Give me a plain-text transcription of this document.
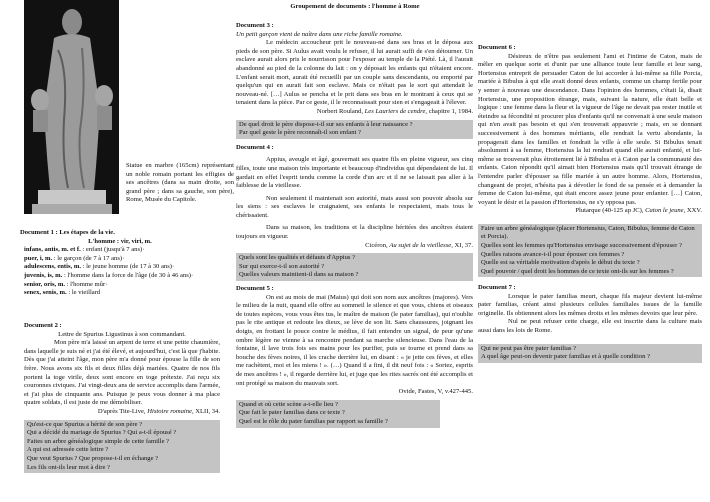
Groupement de documents : l'homme à Rome

Statue en marbre (165cm) représentant un noble romain portant les effigies de ses ancêtres (dans sa main droite, son grand père ; dans sa gauche, son père), Rome, Musée du Capitole.

Document 1 : Les étapes de la vie.
L'homme : vir, viri, m.
infans, antis, m. et f. : enfant (jusqu'à 7 ans)·
puer, i, m. : le garçon (de 7 à 17 ans)·
adulescens, entis, m. : le jeune homme (de 17 à 30 ans)·
juvenis, is, m. : l'homme dans la force de l'âge (de 30 à 46 ans)·
senior, oris, m. : l'homme mûr·
senex, senis, m. : le vieillard
Document 2 :
Lettre de Spurius Ligustinus à son commandant.

Mon père m'a laissé un arpent de terre et une petite chaumière, dans laquelle je suis né et j'ai été élevé, et aujourd'hui, c'est là que j'habite. Dès que j'ai atteint l'âge, mon père m'a donné pour épouse la fille de son frère. Nous avons six fils et deux filles déjà mariées. Quatre de nos fils portent la toge virile, deux sont encore en toge prétexte. J'ai reçu six couronnes civiques. J'ai vingt-deux ans de service accomplis dans l'armée, et j'ai plus de cinquante ans. Puisque je peux vous donner à ma place quatre soldats, il est juste de me démobiliser.

D'après Tite-Live, Histoire romaine, XLII, 34.
Qu'est-ce que Spurius a hérité de son père ?
Qui a décidé du mariage de Spurius ? Qui a-t-il épousé ?
Faites un arbre généalogique simple de cette famille ?
A qui est adressée cette lettre ?
Que veut Spurius ? Que propose-t-il en échange ?
Les fils ont-ils leur mot à dire ?
Document 3 :
Un petit garçon vient de naître dans une riche famille romaine.

Le médecin accoucheur prit le nouveau-né dans ses bras et le déposa aux pieds de son père. Si Aulus avait voulu le refuser, il lui aurait suffi de s'en détourner. Un esclave aurait alors pris le nourrisson pour l'exposer au temple de la Piété. Là, il l'aurait abandonné au pied de la colonne du lait : on y déposait les enfants qui n'étaient encore. L'enfant serait mort, aurait été recueilli par un couple sans descendants, ou emporté par quelqu'un qui en aurait fait son esclave. Mais ce n'était pas le sort qui attendait le nouveau-né. […] Aulus se pencha et le prit dans ses bras en le montrant à ceux qui se tenaient dans la pièce. Par ce geste, il le reconnaissait pour sien et s'engageait à l'élever.

Norbert Rouland, Les Lauriers de cendre, chapitre 1, 1984.
De quel droit le père dispose-t-il sur ses enfants à leur naissance ?
Par quel geste le père reconnaît-il son enfant ?
Document 4 :

Appius, aveugle et âgé, gouvernait ses quatre fils en pleine vigueur, ses cinq filles, toute une maison très importante et beaucoup d'individus qui dépendaient de lui. Il gardait en effet l'esprit tendu comme la corde d'un arc et il ne se laissait pas aller à la faiblesse de la vieillesse.

Non seulement il maintenait son autorité, mais aussi son pouvoir absolu sur les siens : ses esclaves le craignaient, ses enfants le respectaient, mais tous le chérissaient.

Dans sa maison, les traditions et la discipline héritées des ancêtres étaient toujours en vigueur.

Cicéron, Au sujet de la vieillesse, XI, 37.
Quels sont les qualités et défauts d'Appius ?
Sur qui exerce-t-il son autorité ?
Quelles valeurs maintient-il dans sa maison ?
Document 5 :

On est au mois de mai (Maius) qui doit son nom aux ancêtres (majores). Vers le milieu de la nuit, quand elle offre au sommeil le silence et que vous, chiens et oiseaux de toutes espèces, vous vous êtes tus, le maître de maison (le pater familias), qui n'oublie pas le rite antique et redoute les dieux, se lève de son lit. Sans chaussures, joignant les doigts, en frottant le pouce contre le médius, il fait entendre un signal, de peur qu'une ombre légère ne vienne à sa rencontre pendant sa marche silencieuse. Dans l'eau de la fontaine, il lave trois fois ses mains pour les purifier, puis se tourne et prend dans sa bouche des fèves noires, il les crache derrière lui, en disant : « je jette ces fèves, et elles me rachètent, moi et les miens ! ». (…) Quand il a fini, il dit neuf fois : « Sortez, esprits de mes ancêtres ! », il regarde derrière lui, et juge que les rites sacrés ont été accomplis et ont protégé sa maison du mauvais sort.

Ovide, Fastes, V, v.427-445.
Quand et où cette scène a-t-elle lieu ?
Que fait le pater familias dans ce texte ?
Quel est le rôle du pater familias par rapport sa famille ?
Document 6 :

Désireux de n'être pas seulement l'ami et l'intime de Caton, mais de mêler en quelque sorte et d'unir par une alliance toute leur famille et leur sang, Hortensius entreprit de persuader Caton de lui accorder à lui-même sa fille Porcia, mariée à Bibulus à qui elle avait donné deux enfants, comme un champ fertile pour y semer à nouveau une descendance. Dans l'opinion des hommes, c'était là, disait Hortensius, une proposition étrange, mais, suivant la nature, elle était belle et logique : une femme dans la fleur et la vigueur de l'âge ne devait pas rester inutile et éteindre sa fécondité ni procurer plus d'enfants qu'il ne convenait à une seule maison qui n'en avait pas besoin et qui s'en trouverait appauvrie ; mais, en se donnant successivement à des hommes méritants, elle rendrait la vertu abondante, la propagerait dans les familles et fondrait la ville à elle seule. Si Bibulus tenait absolument à sa femme, Hortensius la lui rendrait quand elle aurait enfanté, et lui-même se trouverait plus étroitement lié à Bibulus et à Caton par la communauté des enfants. Caton répondit qu'il aimait bien Hortensius mais qu'il trouvait étrange de l'entendre parler d'épouser sa fille mariée à un autre homme. Alors, Hortensius, changeant de projet, n'hésita pas à dévoiler le fond de sa pensée et à demander la femme de Caton lui-même, qui était encore assez jeune pour enfanter. […] Caton, voyant le désir et la passion d'Hortensius, ne s'y opposa pas.

Plutarque (40-125 ap JC), Caton le jeune, XXV.
Faire un arbre généalogique (placer Hortensius, Caton, Bibulus, femme de Caton et Porcia).
Quelles sont les femmes qu'Hortensius envisage successivement d'épouser ?
Quelles raisons avance-t-il pour épouser ces femmes ?
Quelle est sa véritable motivation d'après le début du texte ?
Quel pouvoir / quel droit les hommes de ce texte ont-ils sur les femmes ?
Document 7 :

Lorsque le pater familias meurt, chaque fils majeur devient lui-même pater familias, créant ainsi plusieurs cellules familiales issues de la famille originelle. Ils obtiennent alors les mêmes droits et les mêmes devoirs que leur père.

Nul ne peut refuser cette charge, elle est inscrite dans la culture mais aussi dans les lois de Rome.

Qui ne peut pas être pater familias ?
A quel âge peut-on devenir pater familias et à quelle condition ?
